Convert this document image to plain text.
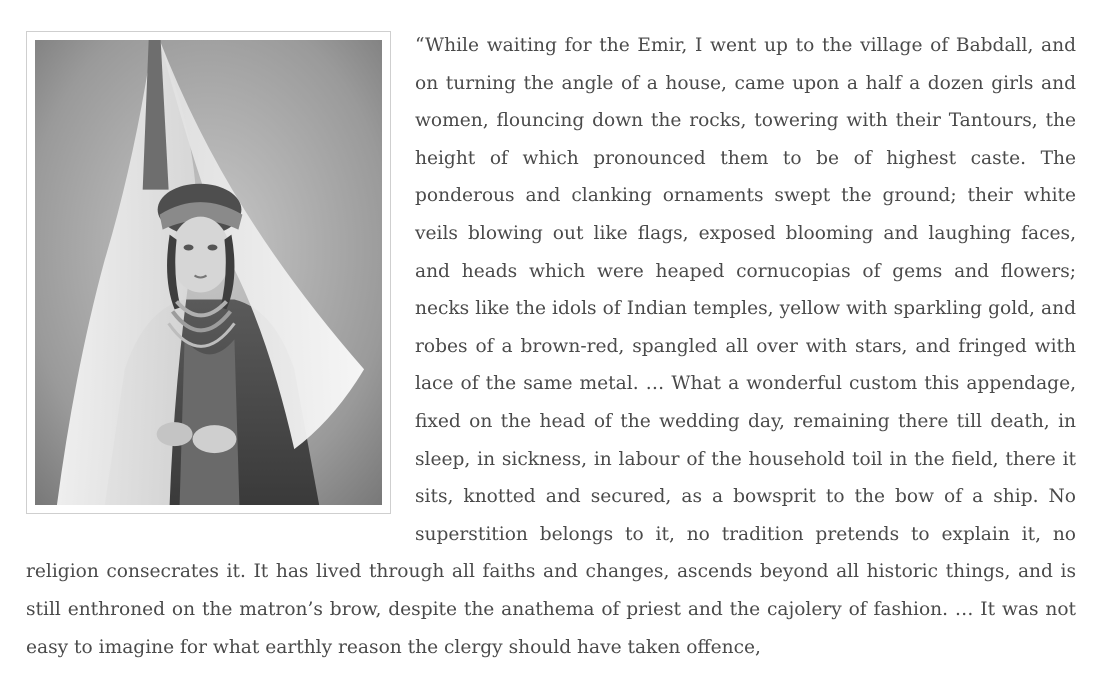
“While waiting for the Emir, I went up to the village of Babdall, and on turning the angle of a house, came upon a half a dozen girls and women, flouncing down the rocks, towering with their Tantours, the height of which pronounced them to be of highest caste. The ponderous and clanking ornaments swept the ground; their white veils blowing out like flags, exposed blooming and laughing faces, and heads which were heaped cornucopias of gems and flowers; necks like the idols of Indian temples, yellow with sparkling gold, and robes of a brown-red, spangled all over with stars, and fringed with lace of the same metal. … What a wonderful custom this appendage, fixed on the head of the wedding day, remaining there till death, in sleep, in sickness, in labour of the household toil in the field, there it sits, knotted and secured, as a bowsprit to the bow of a ship. No superstition belongs to it, no tradition pretends to explain it, no religion consecrates it. It has lived through all faiths and changes, ascends beyond all historic things, and is still enthroned on the matron’s brow, despite the anathema of priest and the cajolery of fashion. … It was not easy to imagine for what earthly reason the clergy should have taken offence,
